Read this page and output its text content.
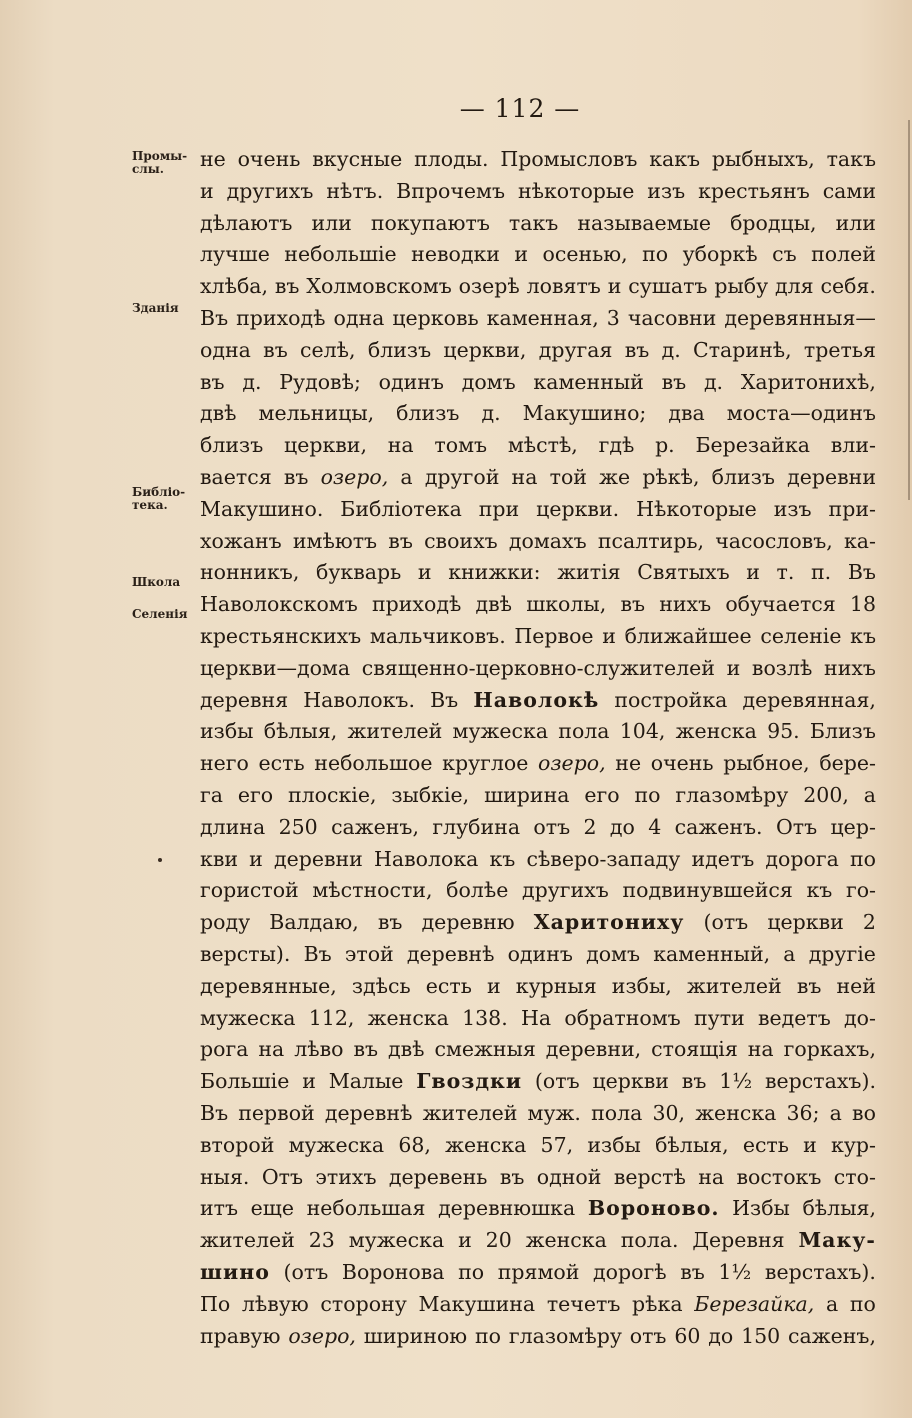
— 112 —
Промы-слы.
Зданія
Библіо-тека.
Школа
Селенія
не очень вкусные плоды. Промысловъ какъ рыбныхъ, такъ
и другихъ нѣтъ. Впрочемъ нѣкоторые изъ крестьянъ сами
дѣлаютъ или покупаютъ такъ называемые бродцы, или
лучше небольшіе неводки и осенью, по уборкѣ съ полей
хлѣба, въ Холмовскомъ озерѣ ловятъ и сушатъ рыбу для себя.
Въ приходѣ одна церковь каменная, 3 часовни деревянныя—
одна въ селѣ, близъ церкви, другая въ д. Старинѣ, третья
въ д. Рудовѣ; одинъ домъ каменный въ д. Харитонихѣ,
двѣ мельницы, близъ д. Макушино; два моста—одинъ
близъ церкви, на томъ мѣстѣ, гдѣ р. Березайка вли-
вается въ озеро, а другой на той же рѣкѣ, близъ деревни
Макушино. Библіотека при церкви. Нѣкоторые изъ при-
хожанъ имѣютъ въ своихъ домахъ псалтирь, часословъ, ка-
нонникъ, букварь и книжки: житія Святыхъ и т. п. Въ
Наволокскомъ приходѣ двѣ школы, въ нихъ обучается 18
крестьянскихъ мальчиковъ. Первое и ближайшее селеніе къ
церкви—дома священно-церковно-служителей и возлѣ нихъ
деревня Наволокъ. Въ Наволокѣ постройка деревянная,
избы бѣлыя, жителей мужеска пола 104, женска 95. Близъ
него есть небольшое круглое озеро, не очень рыбное, бере-
га его плоскіе, зыбкіе, ширина его по глазомѣру 200, а
длина 250 саженъ, глубина отъ 2 до 4 саженъ. Отъ цер-
кви и деревни Наволока къ сѣверо-западу идетъ дорога по
гористой мѣстности, болѣе другихъ подвинувшейся къ го-
роду Валдаю, въ деревню Харитониху (отъ церкви 2
версты). Въ этой деревнѣ одинъ домъ каменный, а другіе
деревянные, здѣсь есть и курныя избы, жителей въ ней
мужеска 112, женска 138. На обратномъ пути ведетъ до-
рога на лѣво въ двѣ смежныя деревни, стоящія на горкахъ,
Большіе и Малые Гвоздки (отъ церкви въ 1½ верстахъ).
Въ первой деревнѣ жителей муж. пола 30, женска 36; а во
второй мужеска 68, женска 57, избы бѣлыя, есть и кур-
ныя. Отъ этихъ деревень въ одной верстѣ на востокъ сто-
итъ еще небольшая деревнюшка Вороново. Избы бѣлыя,
жителей 23 мужеска и 20 женска пола. Деревня Маку-
шино (отъ Воронова по прямой дорогѣ въ 1½ верстахъ).
По лѣвую сторону Макушина течетъ рѣка Березайка, а по
правую озеро, шириною по глазомѣру отъ 60 до 150 саженъ,
